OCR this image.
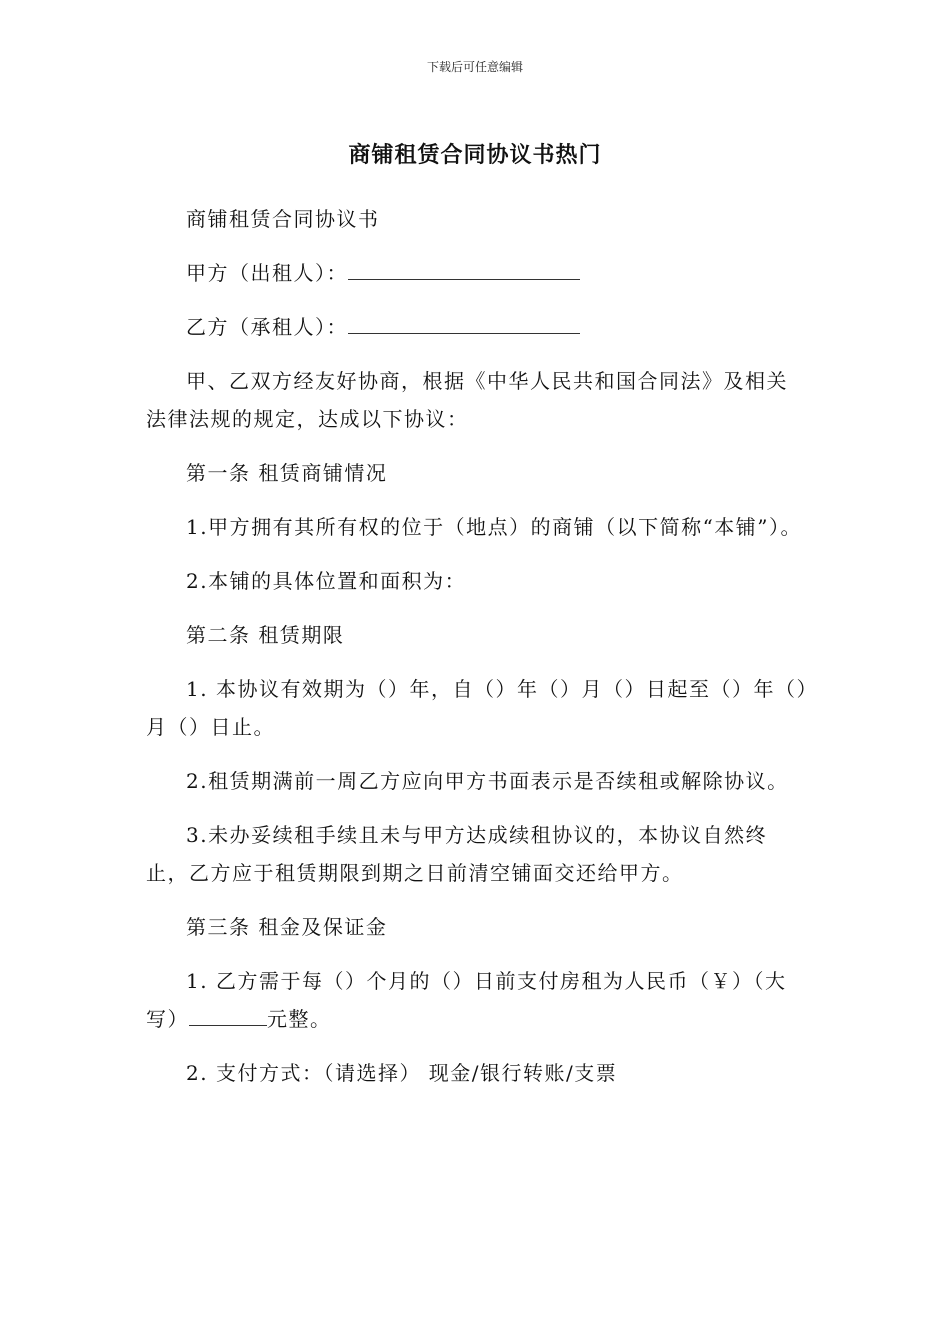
下载后可任意编辑
商铺租赁合同协议书热门

商铺租赁合同协议书

甲方（出租人）：

乙方（承租人）：

甲、乙双方经友好协商，根据《中华人民共和国合同法》及相关法律法规的规定，达成以下协议：

第一条 租赁商铺情况

1.甲方拥有其所有权的位于（地点）的商铺（以下简称“本铺”）。

2.本铺的具体位置和面积为：

第二条 租赁期限

1. 本协议有效期为（）年，自（）年（）月（）日起至（）年（）月（）日止。

2.租赁期满前一周乙方应向甲方书面表示是否续租或解除协议。

3.未办妥续租手续且未与甲方达成续租协议的，本协议自然终止，乙方应于租赁期限到期之日前清空铺面交还给甲方。

第三条 租金及保证金

1. 乙方需于每（）个月的（）日前支付房租为人民币（￥）（大写）	元整。

2. 支付方式：（请选择） 现金/银行转账/支票
